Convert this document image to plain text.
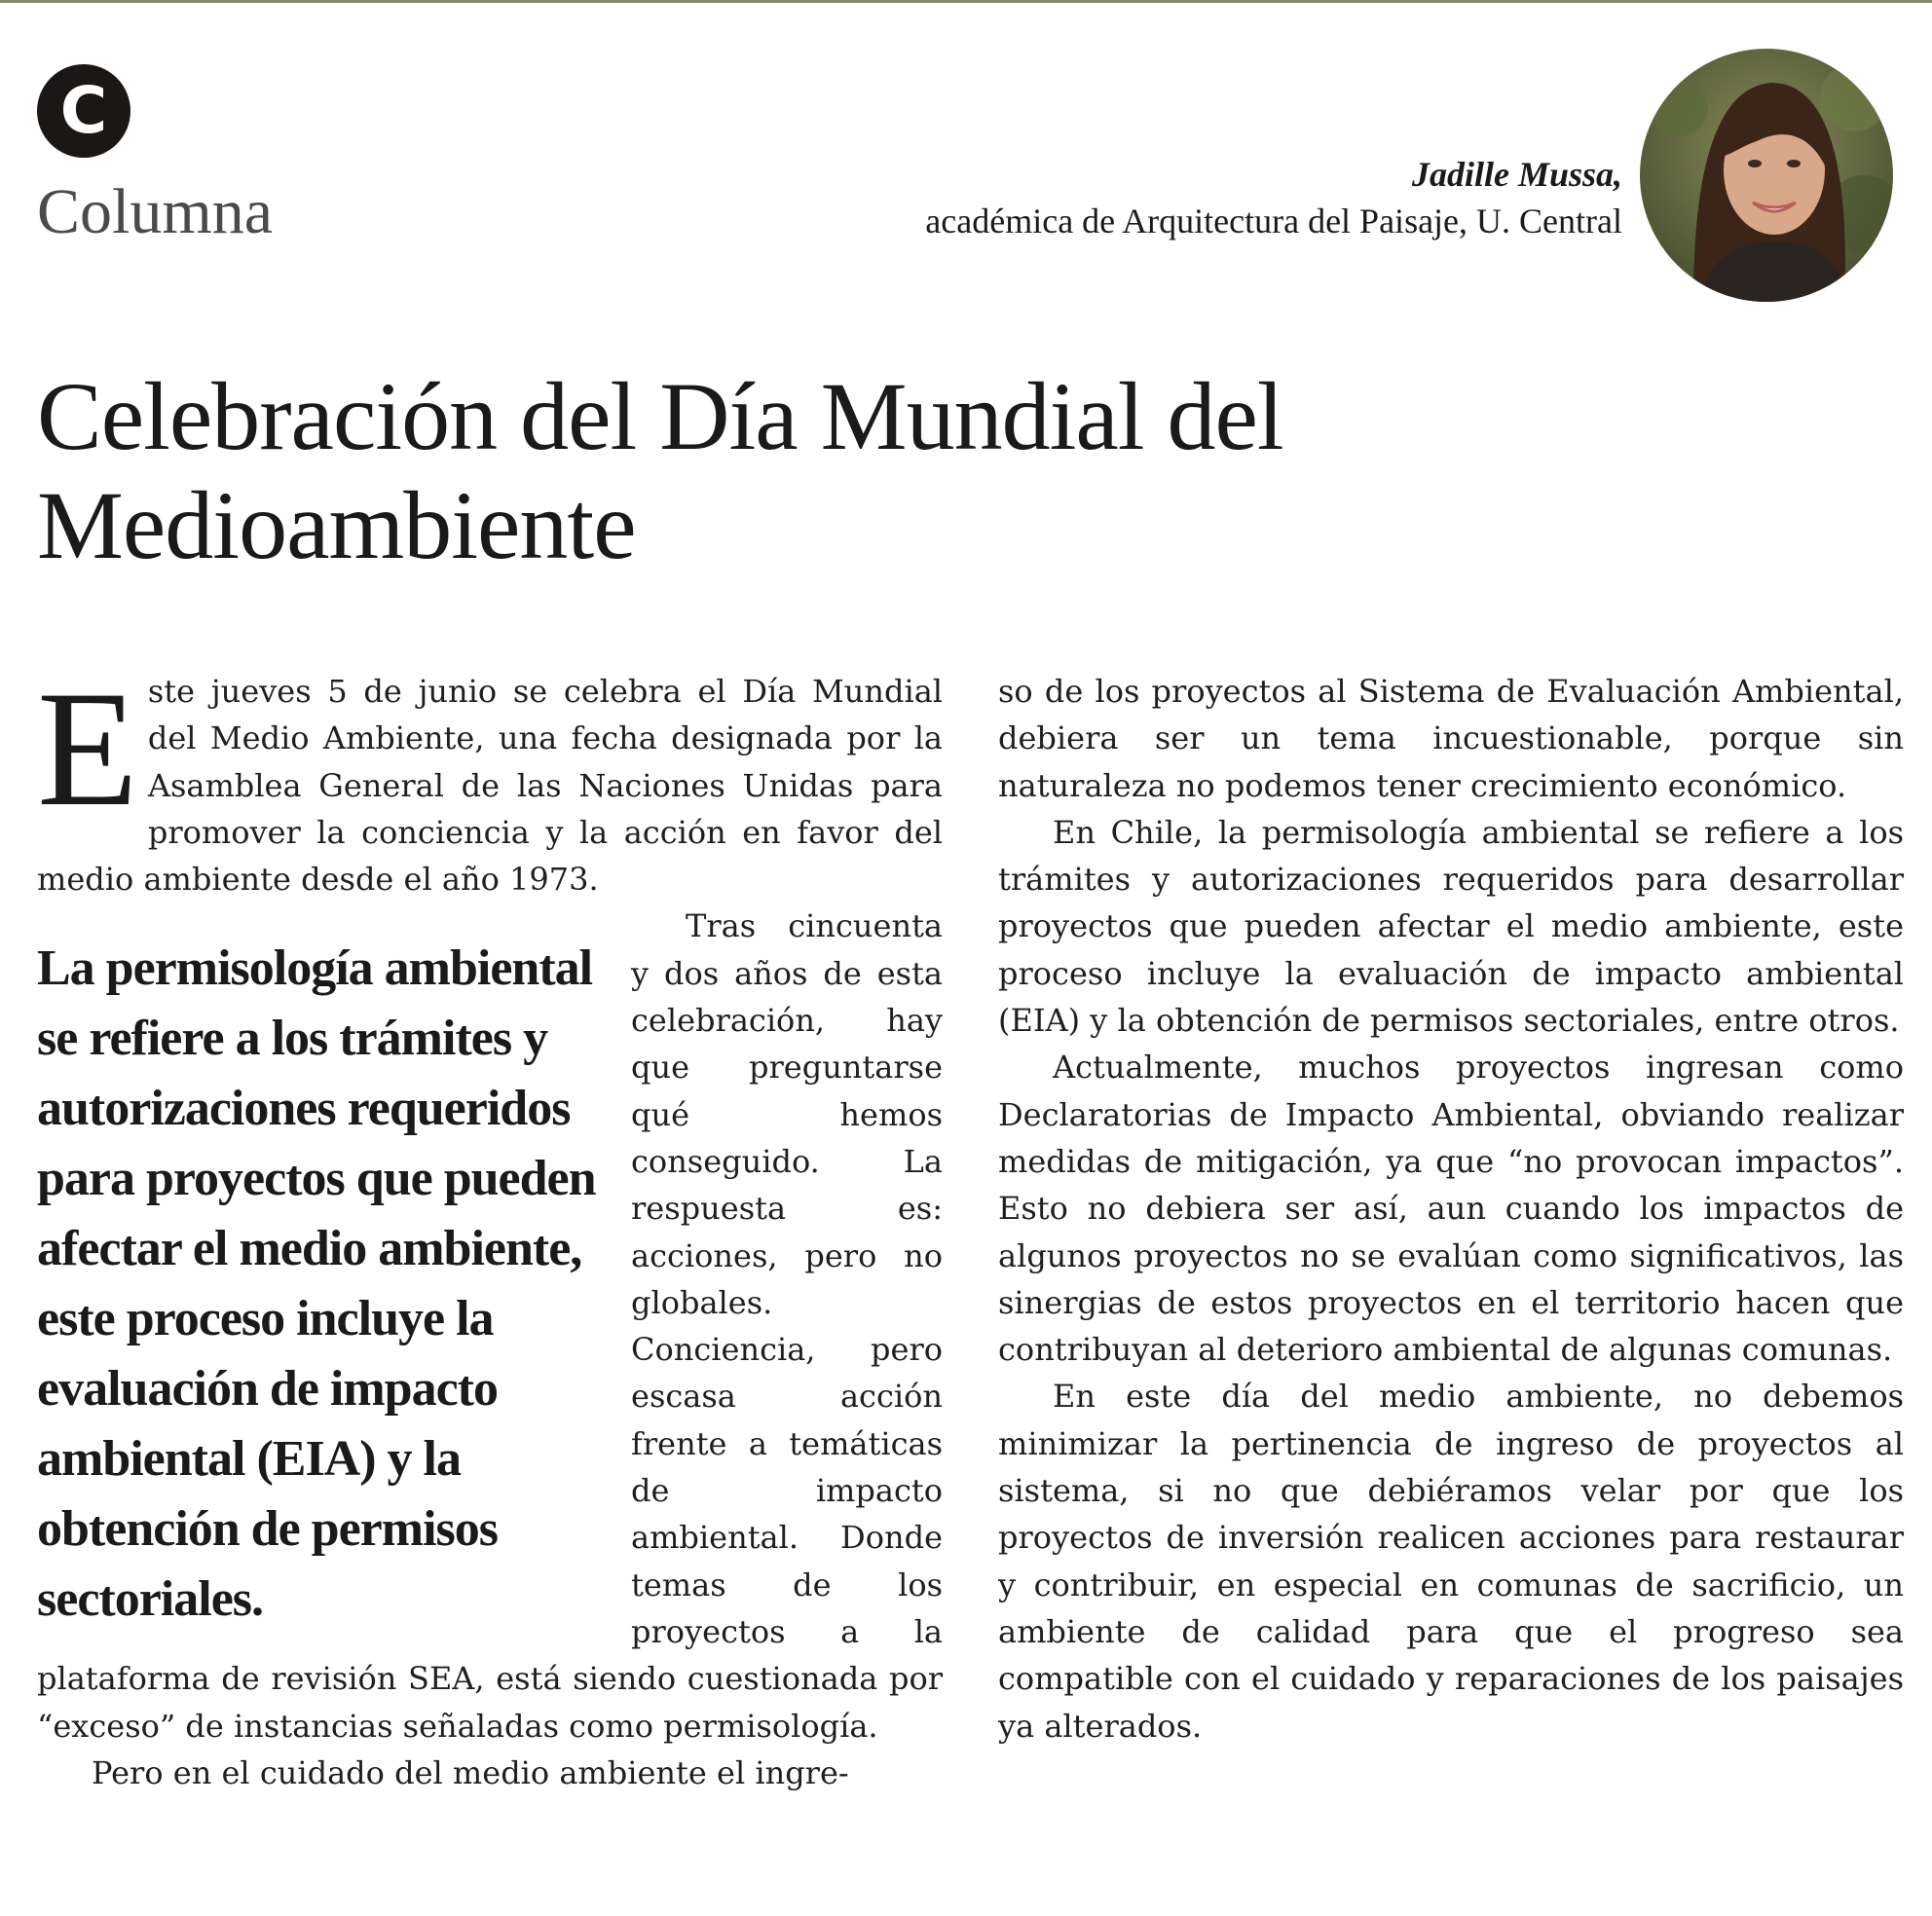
C
Columna
Jadille Mussa,
académica de Arquitectura del Paisaje, U. Central
Celebración del Día Mundial del
Medioambiente

Este jueves 5 de junio se celebra el Día Mundial del Medio Ambiente, una fecha designada por la Asamblea General de las Naciones Unidas para promover la conciencia y la acción en favor del medio ambiente desde el año 1973.

La permisología ambiental se refiere a los trámites y autorizaciones requeridos para proyectos que pueden afectar el medio ambiente, este proceso incluye la evaluación de impacto ambiental (EIA) y la obtención de permisos sectoriales.

Tras cincuenta y dos años de esta celebración, hay que preguntarse qué hemos conseguido. La respuesta es: acciones, pero no globales. Conciencia, pero escasa acción frente a temáticas de impacto ambiental. Donde temas de los proyectos a la plataforma de revisión SEA, está siendo cuestionada por “exceso” de instancias señaladas como permisología.

Pero en el cuidado del medio ambiente el ingre-

so de los proyectos al Sistema de Evaluación Ambiental, debiera ser un tema incuestionable, porque sin naturaleza no podemos tener crecimiento económico.

En Chile, la permisología ambiental se refiere a los trámites y autorizaciones requeridos para desarrollar proyectos que pueden afectar el medio ambiente, este proceso incluye la evaluación de impacto ambiental (EIA) y la obtención de permisos sectoriales, entre otros.

Actualmente, muchos proyectos ingresan como Declaratorias de Impacto Ambiental, obviando realizar medidas de mitigación, ya que “no provocan impactos”. Esto no debiera ser así, aun cuando los impactos de algunos proyectos no se evalúan como significativos, las sinergias de estos proyectos en el territorio hacen que contribuyan al deterioro ambiental de algunas comunas.

En este día del medio ambiente, no debemos minimizar la pertinencia de ingreso de proyectos al sistema, si no que debiéramos velar por que los proyectos de inversión realicen acciones para restaurar y contribuir, en especial en comunas de sacrificio, un ambiente de calidad para que el progreso sea compatible con el cuidado y reparaciones de los paisajes ya alterados.
